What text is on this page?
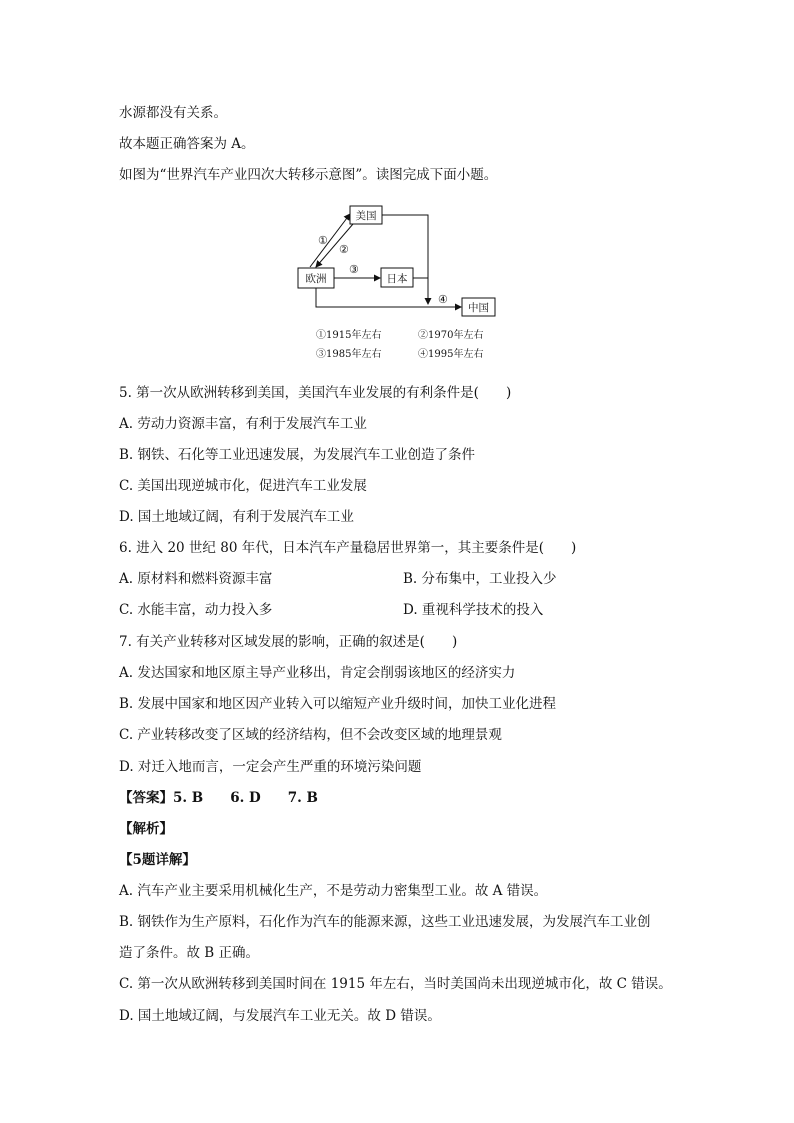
水源都没有关系。
故本题正确答案为 A。
如图为“世界汽车产业四次大转移示意图”。读图完成下面小题。
美国
欧洲	日本
中国
①
②
③
④
①1915年左右	②1970年左右
③1985年左右	④1995年左右
5. 第一次从欧洲转移到美国，美国汽车业发展的有利条件是(　　)
A. 劳动力资源丰富，有利于发展汽车工业
B. 钢铁、石化等工业迅速发展，为发展汽车工业创造了条件
C. 美国出现逆城市化，促进汽车工业发展
D. 国土地域辽阔，有利于发展汽车工业
6. 进入 20 世纪 80 年代，日本汽车产量稳居世界第一，其主要条件是(　　)
A. 原材料和燃料资源丰富	B. 分布集中，工业投入少
C. 水能丰富，动力投入多	D. 重视科学技术的投入
7. 有关产业转移对区域发展的影响，正确的叙述是(　　)
A. 发达国家和地区原主导产业移出，肯定会削弱该地区的经济实力
B. 发展中国家和地区因产业转入可以缩短产业升级时间，加快工业化进程
C. 产业转移改变了区域的经济结构，但不会改变区域的地理景观
D. 对迁入地而言，一定会产生严重的环境污染问题
【答案】5. B　　6. D　　7. B
【解析】
【5题详解】
A. 汽车产业主要采用机械化生产，不是劳动力密集型工业。故 A 错误。
B. 钢铁作为生产原料，石化作为汽车的能源来源，这些工业迅速发展，为发展汽车工业创
造了条件。故 B 正确。
C. 第一次从欧洲转移到美国时间在 1915 年左右，当时美国尚未出现逆城市化，故 C 错误。
D. 国土地域辽阔，与发展汽车工业无关。故 D 错误。
